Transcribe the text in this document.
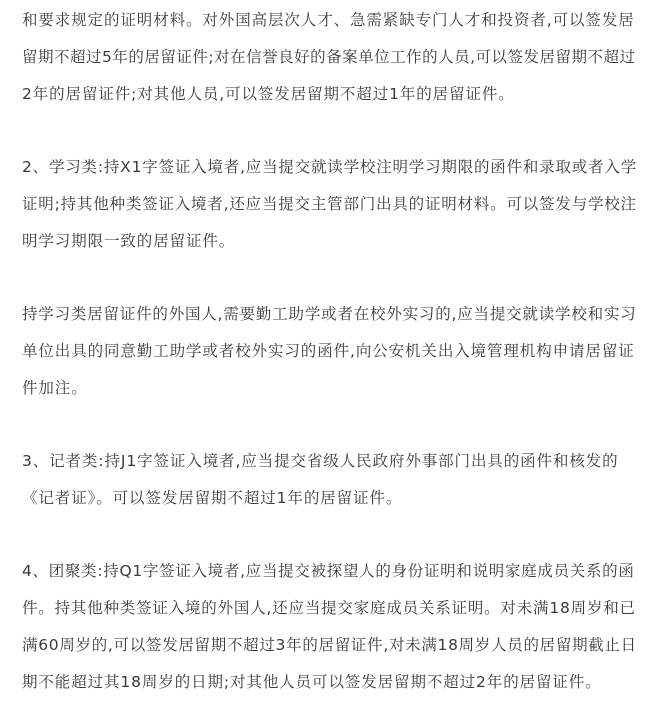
和要求规定的证明材料。对外国高层次人才、急需紧缺专门人才和投资者,可以签发居
留期不超过5年的居留证件;对在信誉良好的备案单位工作的人员,可以签发居留期不超过
2年的居留证件;对其他人员,可以签发居留期不超过1年的居留证件。

2、学习类:持X1字签证入境者,应当提交就读学校注明学习期限的函件和录取或者入学
证明;持其他种类签证入境者,还应当提交主管部门出具的证明材料。可以签发与学校注
明学习期限一致的居留证件。

持学习类居留证件的外国人,需要勤工助学或者在校外实习的,应当提交就读学校和实习
单位出具的同意勤工助学或者校外实习的函件,向公安机关出入境管理机构申请居留证
件加注。

3、记者类:持J1字签证入境者,应当提交省级人民政府外事部门出具的函件和核发的
《记者证》。可以签发居留期不超过1年的居留证件。

4、团聚类:持Q1字签证入境者,应当提交被探望人的身份证明和说明家庭成员关系的函
件。持其他种类签证入境的外国人,还应当提交家庭成员关系证明。对未满18周岁和已
满60周岁的,可以签发居留期不超过3年的居留证件,对未满18周岁人员的居留期截止日
期不能超过其18周岁的日期;对其他人员可以签发居留期不超过2年的居留证件。
